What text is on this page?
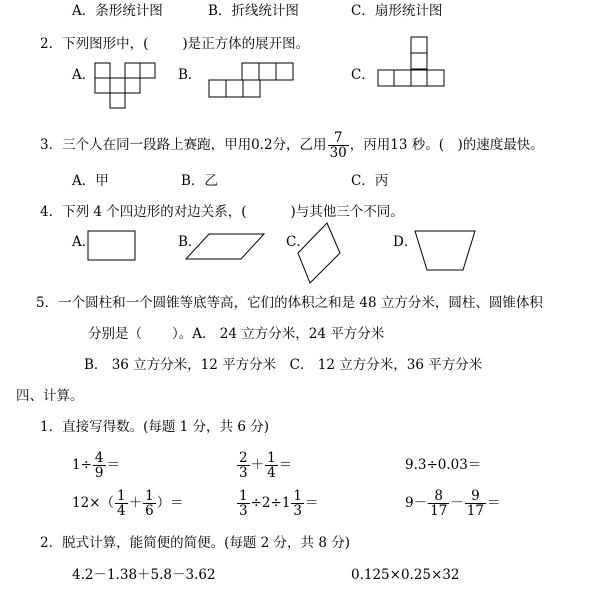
A．条形统计图	B．折线统计图	C．扇形统计图
2．下列图形中，(	)是正方体的展开图。
A．	B．	C．
3．三个人在同一段路上赛跑，甲用0.2分，乙用 $\frac{7}{30}$ ，丙用13 秒。(　)的速度最快。
A．甲	B．乙	C．丙
4．下列 4 个四边形的对边关系，(	)与其他三个不同。
A．	B．	C．	D．
5．一个圆柱和一个圆锥等底等高，它们的体积之和是 48 立方分米，圆柱、圆锥体积
分别是（ ）。A． 24 立方分米，24 平方分米
B． 36 立方分米，12 平方分米　C． 12 立方分米，36 平方分米
四、计算。
1．直接写得数。(每题 1 分，共 6 分)
$1\div \frac{4}{9}$ ＝	$\frac{2}{3} + \frac{1}{4}$ ＝	9.3÷0.03＝
$12\times( \frac{1}{4} + \frac{1}{6}$ ）＝	$\frac{1}{3} \div 2\div 1 \frac{1}{3}$ ＝	$9- \frac{8}{17} - \frac{9}{17}$ ＝
2．脱式计算，能简便的简便。(每题 2 分，共 8 分)
4.2－1.38＋5.8－3.62	0.125×0.25×32
